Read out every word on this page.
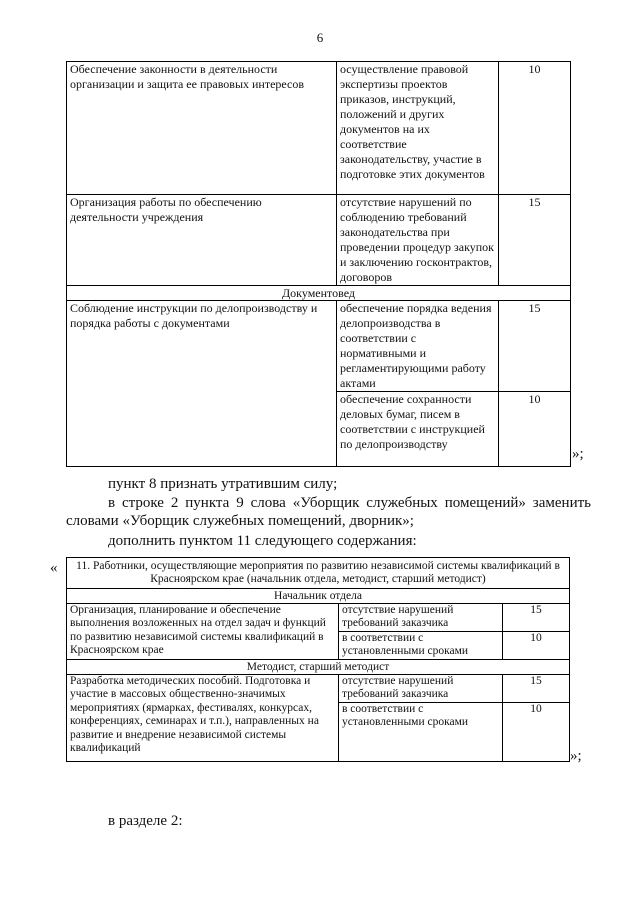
6
Обеспечение законности в деятельности организации и защита ее правовых интересов	осуществление правовой экспертизы проектов приказов, инструкций, положений и других документов на их соответствие законодательству, участие в подготовке этих документов	10
Организация работы по обеспечению деятельности учреждения	отсутствие нарушений по соблюдению требований законодательства при проведении процедур закупок и заключению госконтрактов, договоров	15
Документовед		
Соблюдение инструкции по делопроизводству и порядка работы с документами	обеспечение порядка ведения делопроизводства в соответствии с нормативными и регламентирующими работу актами	15
	обеспечение сохранности деловых бумаг, писем в соответствии с инструкцией по делопроизводству	10
»;
пункт 8 признать утратившим силу;
в строке 2 пункта 9 слова «Уборщик служебных помещений» заменить словами «Уборщик служебных помещений, дворник»;
дополнить пунктом 11 следующего содержания:
« 11. Работники, осуществляющие мероприятия по развитию независимой системы квалификаций в Красноярском крае (начальник отдела, методист, старший методист)		
Начальник отдела		
Организация, планирование и обеспечение выполнения возложенных на отдел задач и функций по развитию независимой системы квалификаций в Красноярском крае	отсутствие нарушений требований заказчика	15
	в соответствии с установленными сроками	10
Методист, старший методист		
Разработка методических пособий. Подготовка и участие в массовых общественно-значимых мероприятиях (ярмарках, фестивалях, конкурсах, конференциях, семинарах и т.п.), направленных на развитие и внедрение независимой системы квалификаций	отсутствие нарушений требований заказчика	15
	в соответствии с установленными сроками	10
»;
в разделе 2:
